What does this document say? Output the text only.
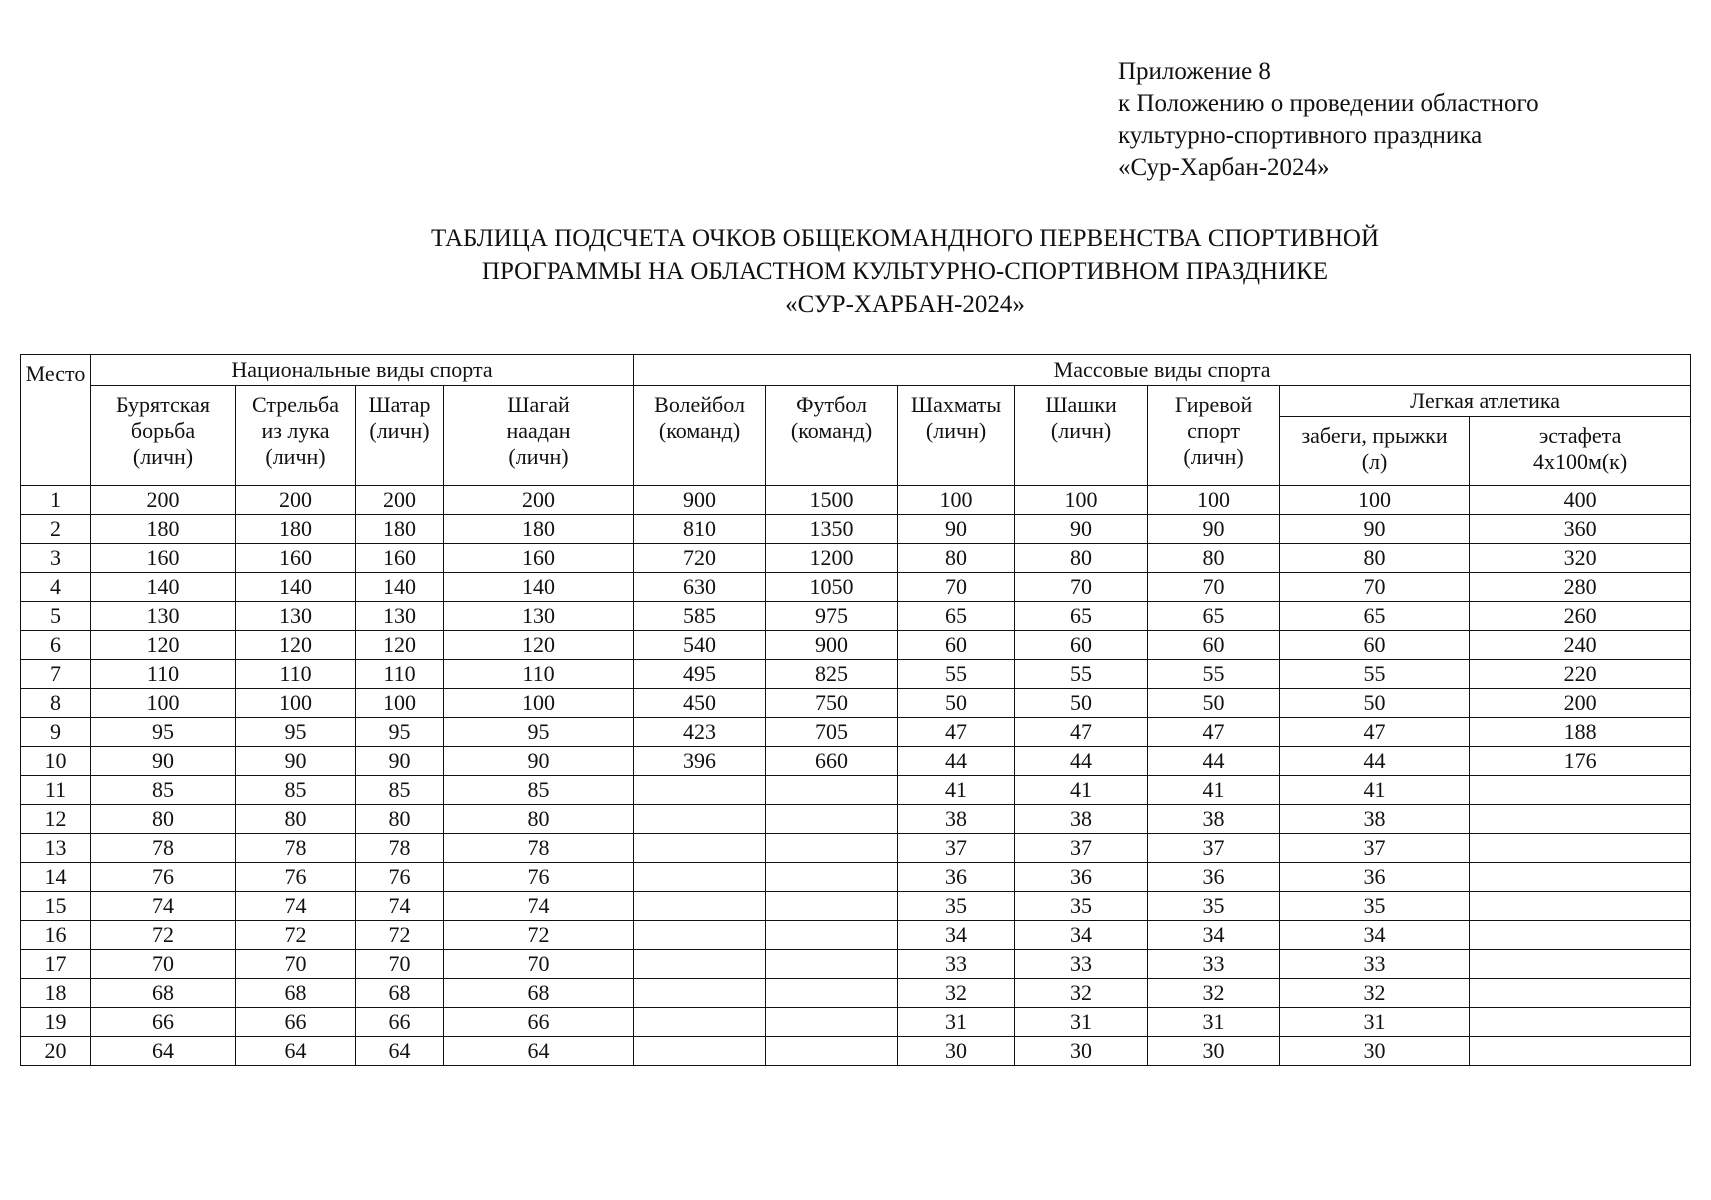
Приложение 8
к Положению о проведении областного
культурно-спортивного праздника
«Сур-Харбан-2024»
ТАБЛИЦА ПОДСЧЕТА ОЧКОВ ОБЩЕКОМАНДНОГО ПЕРВЕНСТВА СПОРТИВНОЙ
ПРОГРАММЫ НА ОБЛАСТНОМ КУЛЬТУРНО-СПОРТИВНОМ ПРАЗДНИКЕ
«СУР-ХАРБАН-2024»
Место	Национальные виды спорта				Массовые виды спорта						
	Бурятская
борьба
(личн)	Стрельба
из лука
(личн)	Шатар
(личн)	Шагай
наадан
(личн)	Волейбол
(команд)	Футбол
(команд)	Шахматы
(личн)	Шашки
(личн)	Гиревой
спорт
(личн)	Легкая атлетика	
										забеги, прыжки
(л)	эстафета
4х100м(к)
1	200	200	200	200	900	1500	100	100	100	100	400
2	180	180	180	180	810	1350	90	90	90	90	360
3	160	160	160	160	720	1200	80	80	80	80	320
4	140	140	140	140	630	1050	70	70	70	70	280
5	130	130	130	130	585	975	65	65	65	65	260
6	120	120	120	120	540	900	60	60	60	60	240
7	110	110	110	110	495	825	55	55	55	55	220
8	100	100	100	100	450	750	50	50	50	50	200
9	95	95	95	95	423	705	47	47	47	47	188
10	90	90	90	90	396	660	44	44	44	44	176
11	85	85	85	85			41	41	41	41	
12	80	80	80	80			38	38	38	38	
13	78	78	78	78			37	37	37	37	
14	76	76	76	76			36	36	36	36	
15	74	74	74	74			35	35	35	35	
16	72	72	72	72			34	34	34	34	
17	70	70	70	70			33	33	33	33	
18	68	68	68	68			32	32	32	32	
19	66	66	66	66			31	31	31	31	
20	64	64	64	64			30	30	30	30	
